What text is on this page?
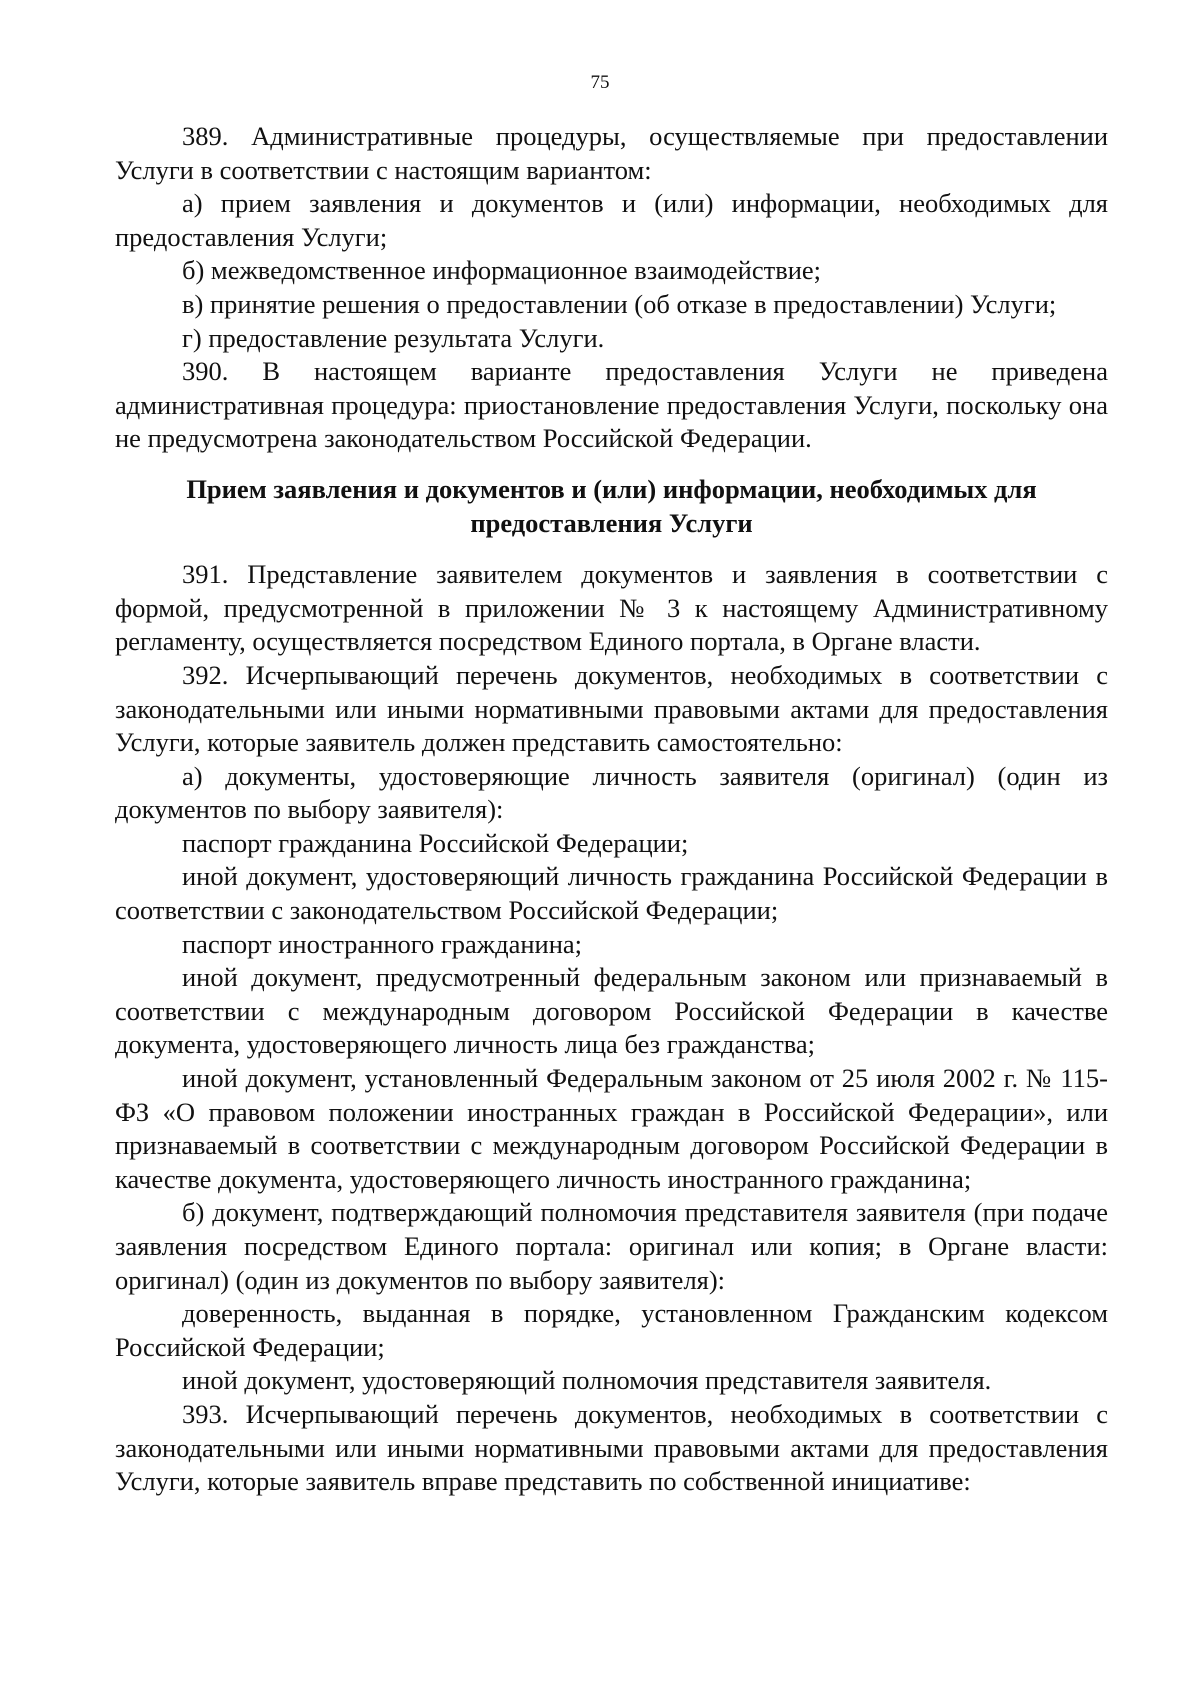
75

389. Административные процедуры, осуществляемые при предоставлении Услуги в соответствии с настоящим вариантом:

а) прием заявления и документов и (или) информации, необходимых для предоставления Услуги;

б) межведомственное информационное взаимодействие;

в) принятие решения о предоставлении (об отказе в предоставлении) Услуги;

г) предоставление результата Услуги.

390. В настоящем варианте предоставления Услуги не приведена административная процедура: приостановление предоставления Услуги, поскольку она не предусмотрена законодательством Российской Федерации.

Прием заявления и документов и (или) информации, необходимых для предоставления Услуги

391. Представление заявителем документов и заявления в соответствии с формой, предусмотренной в приложении № 3 к настоящему Административному регламенту, осуществляется посредством Единого портала, в Органе власти.

392. Исчерпывающий перечень документов, необходимых в соответствии с законодательными или иными нормативными правовыми актами для предоставления Услуги, которые заявитель должен представить самостоятельно:

а) документы, удостоверяющие личность заявителя (оригинал) (один из документов по выбору заявителя):

паспорт гражданина Российской Федерации;

иной документ, удостоверяющий личность гражданина Российской Федерации в соответствии с законодательством Российской Федерации;

паспорт иностранного гражданина;

иной документ, предусмотренный федеральным законом или признаваемый в соответствии с международным договором Российской Федерации в качестве документа, удостоверяющего личность лица без гражданства;

иной документ, установленный Федеральным законом от 25 июля 2002 г. № 115-ФЗ «О правовом положении иностранных граждан в Российской Федерации», или признаваемый в соответствии с международным договором Российской Федерации в качестве документа, удостоверяющего личность иностранного гражданина;

б) документ, подтверждающий полномочия представителя заявителя (при подаче заявления посредством Единого портала: оригинал или копия; в Органе власти: оригинал) (один из документов по выбору заявителя):

доверенность, выданная в порядке, установленном Гражданским кодексом Российской Федерации;

иной документ, удостоверяющий полномочия представителя заявителя.

393. Исчерпывающий перечень документов, необходимых в соответствии с законодательными или иными нормативными правовыми актами для предоставления Услуги, которые заявитель вправе представить по собственной инициативе:
